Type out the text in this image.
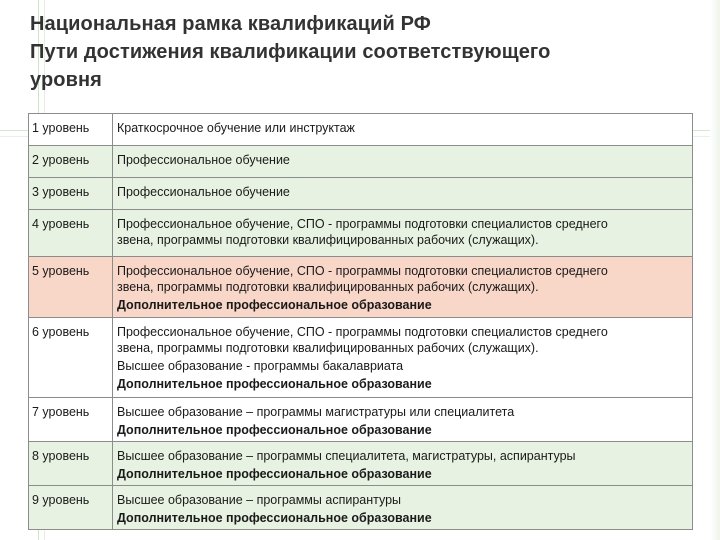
Национальная рамка квалификаций РФ
Пути достижения квалификации соответствующего
уровня
1 уровень	Краткосрочное обучение или инструктаж

2 уровень	Профессиональное обучение

3 уровень	Профессиональное обучение

4 уровень	Профессиональное обучение, СПО - программы подготовки специалистов среднего
звена, программы подготовки квалифицированных рабочих (служащих).

5 уровень	Профессиональное обучение, СПО - программы подготовки специалистов среднего
звена, программы подготовки квалифицированных рабочих (служащих).
Дополнительное профессиональное образование

6 уровень	Профессиональное обучение, СПО - программы подготовки специалистов среднего
звена, программы подготовки квалифицированных рабочих (служащих).
Высшее образование - программы бакалавриата
Дополнительное профессиональное образование

7 уровень	Высшее образование – программы магистратуры или специалитета
Дополнительное профессиональное образование

8 уровень	Высшее образование – программы специалитета, магистратуры, аспирантуры
Дополнительное профессиональное образование

9 уровень	Высшее образование – программы аспирантуры
Дополнительное профессиональное образование
